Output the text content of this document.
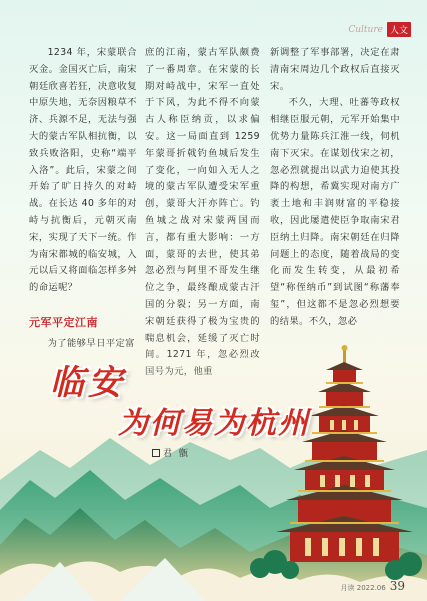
Culture 人文

1234 年，宋蒙联合灭金。金国灭亡后，南宋朝廷欣喜若狂，决意收复中原失地，无奈因粮草不济、兵源不足，无法与强大的蒙古军队相抗衡，以致兵败洛阳，史称“端平入洛”。此后，宋蒙之间开始了旷日持久的对峙战。在长达 40 多年的对峙与抗衡后，元朝灭南宋，实现了天下一统。作为南宋都城的临安城，入元以后又将面临怎样多舛的命运呢？

元军平定江南

庶的江南，蒙古军队颇费了一番周章。在宋蒙的长期对峙战中，宋军一直处于下风，为此不得不向蒙古人称臣纳贡，以求偏安。这一局面直到 1259 年蒙哥折戟钓鱼城后发生了变化，一向如入无人之境的蒙古军队遭受宋军重创，蒙哥大汗亦阵亡。钓鱼城之战对宋蒙两国而言，都有重大影响：一方面，蒙哥的去世，使其弟忽必烈与阿里不哥发生继位之争，最终酿成蒙古汗国的分裂；另一方面，南宋朝廷获得了极为宝贵的

新调整了军事部署，决定在肃清南宋周边几个政权后直接灭宋。

不久，大理、吐蕃等政权相继臣服元朝，元军开始集中优势力量陈兵江淮一线，伺机南下灭宋。在谋划伐宋之初，忽必烈就提出以武力迫使其投降的构想，希冀实现对南方广袤土地和丰润财富的平稳接收，因此屡遣使臣争取南宋君臣纳土归降。南宋朝廷在归降问题上的态度，随着战局的变化而发生转变，从最初希望“称侄纳币”到试图“称藩奉玺”，但这都不是忽必烈想要的结果。不久，忽必

临安
为何易为杭州
君 甑
月读 2022.06 39
